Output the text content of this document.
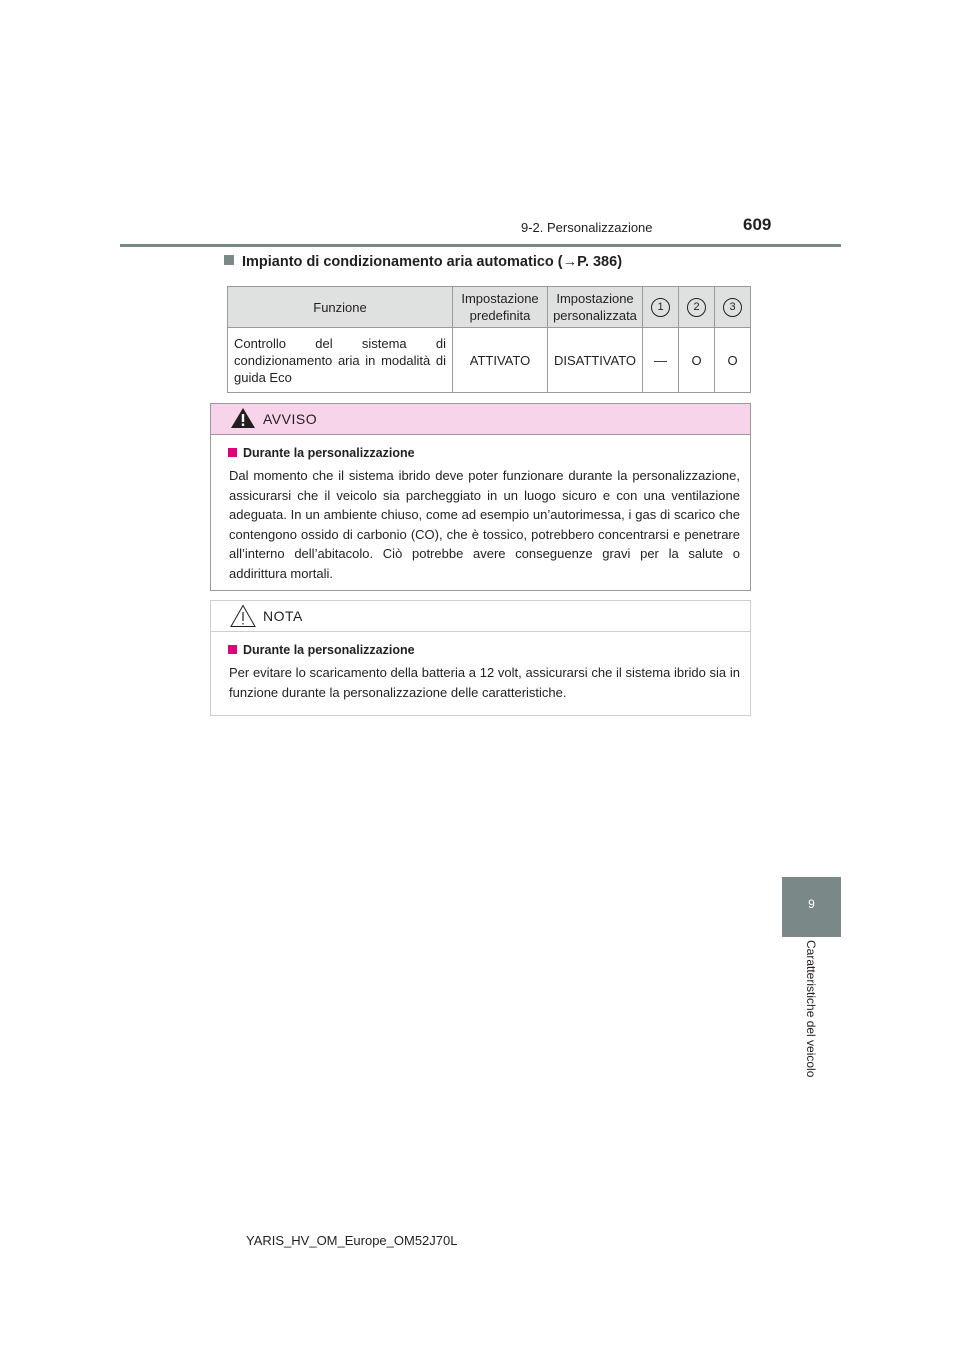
9-2. Personalizzazione	609
9
Caratteristiche del veicolo
Impianto di condizionamento aria automatico (→P. 386)
Funzione	Impostazione predefinita	Impostazione personalizzata	1	2	3
Controllo del sistema di condizionamento aria in modalità di guida Eco	ATTIVATO	DISATTIVATO	—	O	O
AVVISO
Durante la personalizzazione
Dal momento che il sistema ibrido deve poter funzionare durante la personalizzazione, assicurarsi che il veicolo sia parcheggiato in un luogo sicuro e con una ventilazione adeguata. In un ambiente chiuso, come ad esempio un’autorimessa, i gas di scarico che contengono ossido di carbonio (CO), che è tossico, potrebbero concentrarsi e penetrare all’interno dell’abitacolo. Ciò potrebbe avere conseguenze gravi per la salute o addirittura mortali.
NOTA
Durante la personalizzazione
Per evitare lo scaricamento della batteria a 12 volt, assicurarsi che il sistema ibrido sia in funzione durante la personalizzazione delle caratteristiche.
YARIS_HV_OM_Europe_OM52J70L
